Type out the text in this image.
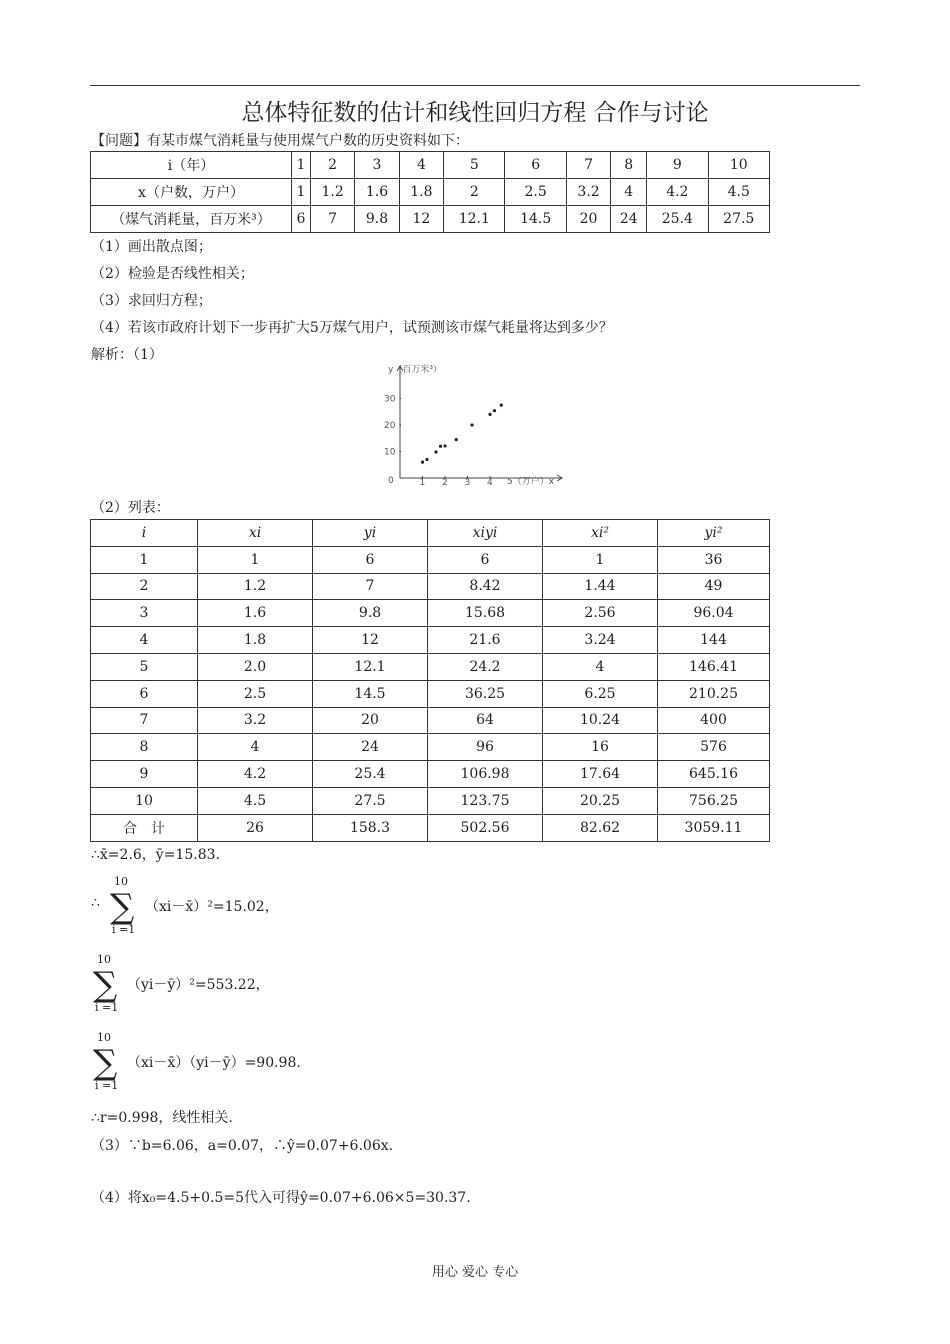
总体特征数的估计和线性回归方程 合作与讨论
【问题】有某市煤气消耗量与使用煤气户数的历史资料如下：
i（年）	1	2	3	4	5	6	7	8	9	10
x（户数，万户）	1	1.2	1.6	1.8	2	2.5	3.2	4	4.2	4.5
（煤气消耗量，百万米³）	6	7	9.8	12	12.1	14.5	20	24	25.4	27.5
（1）画出散点图；
（2）检验是否线性相关；
（3）求回归方程；
（4）若该市政府计划下一步再扩大5万煤气用户，试预测该市煤气耗量将达到多少？
解析：（1）
1 2 3 4
10
20
30
y（百万米³）
0	5（万户）x
（2）列表：
i	xi	yi	xiyi	xi²	yi²
1	1	6	6	1	36
2	1.2	7	8.42	1.44	49
3	1.6	9.8	15.68	2.56	96.04
4	1.8	12	21.6	3.24	144
5	2.0	12.1	24.2	4	146.41
6	2.5	14.5	36.25	6.25	210.25
7	3.2	20	64	10.24	400
8	4	24	96	16	576
9	4.2	25.4	106.98	17.64	645.16
10	4.5	27.5	123.75	20.25	756.25
合　计	26	158.3	502.56	82.62	3059.11
∴x̄=2.6，ȳ=15.83.
∴
10
∑
i =1
（xi－x̄）²=15.02，
10
∑
i =1
（yi－ȳ）²=553.22，
10
∑
i =1
（xi－x̄）（yi－ȳ）=90.98.
∴r=0.998，线性相关.
（3）∵b=6.06，a=0.07，∴ŷ=0.07+6.06x.
（4）将x₀=4.5+0.5=5代入可得ŷ=0.07+6.06×5=30.37.
用心 爱心 专心
